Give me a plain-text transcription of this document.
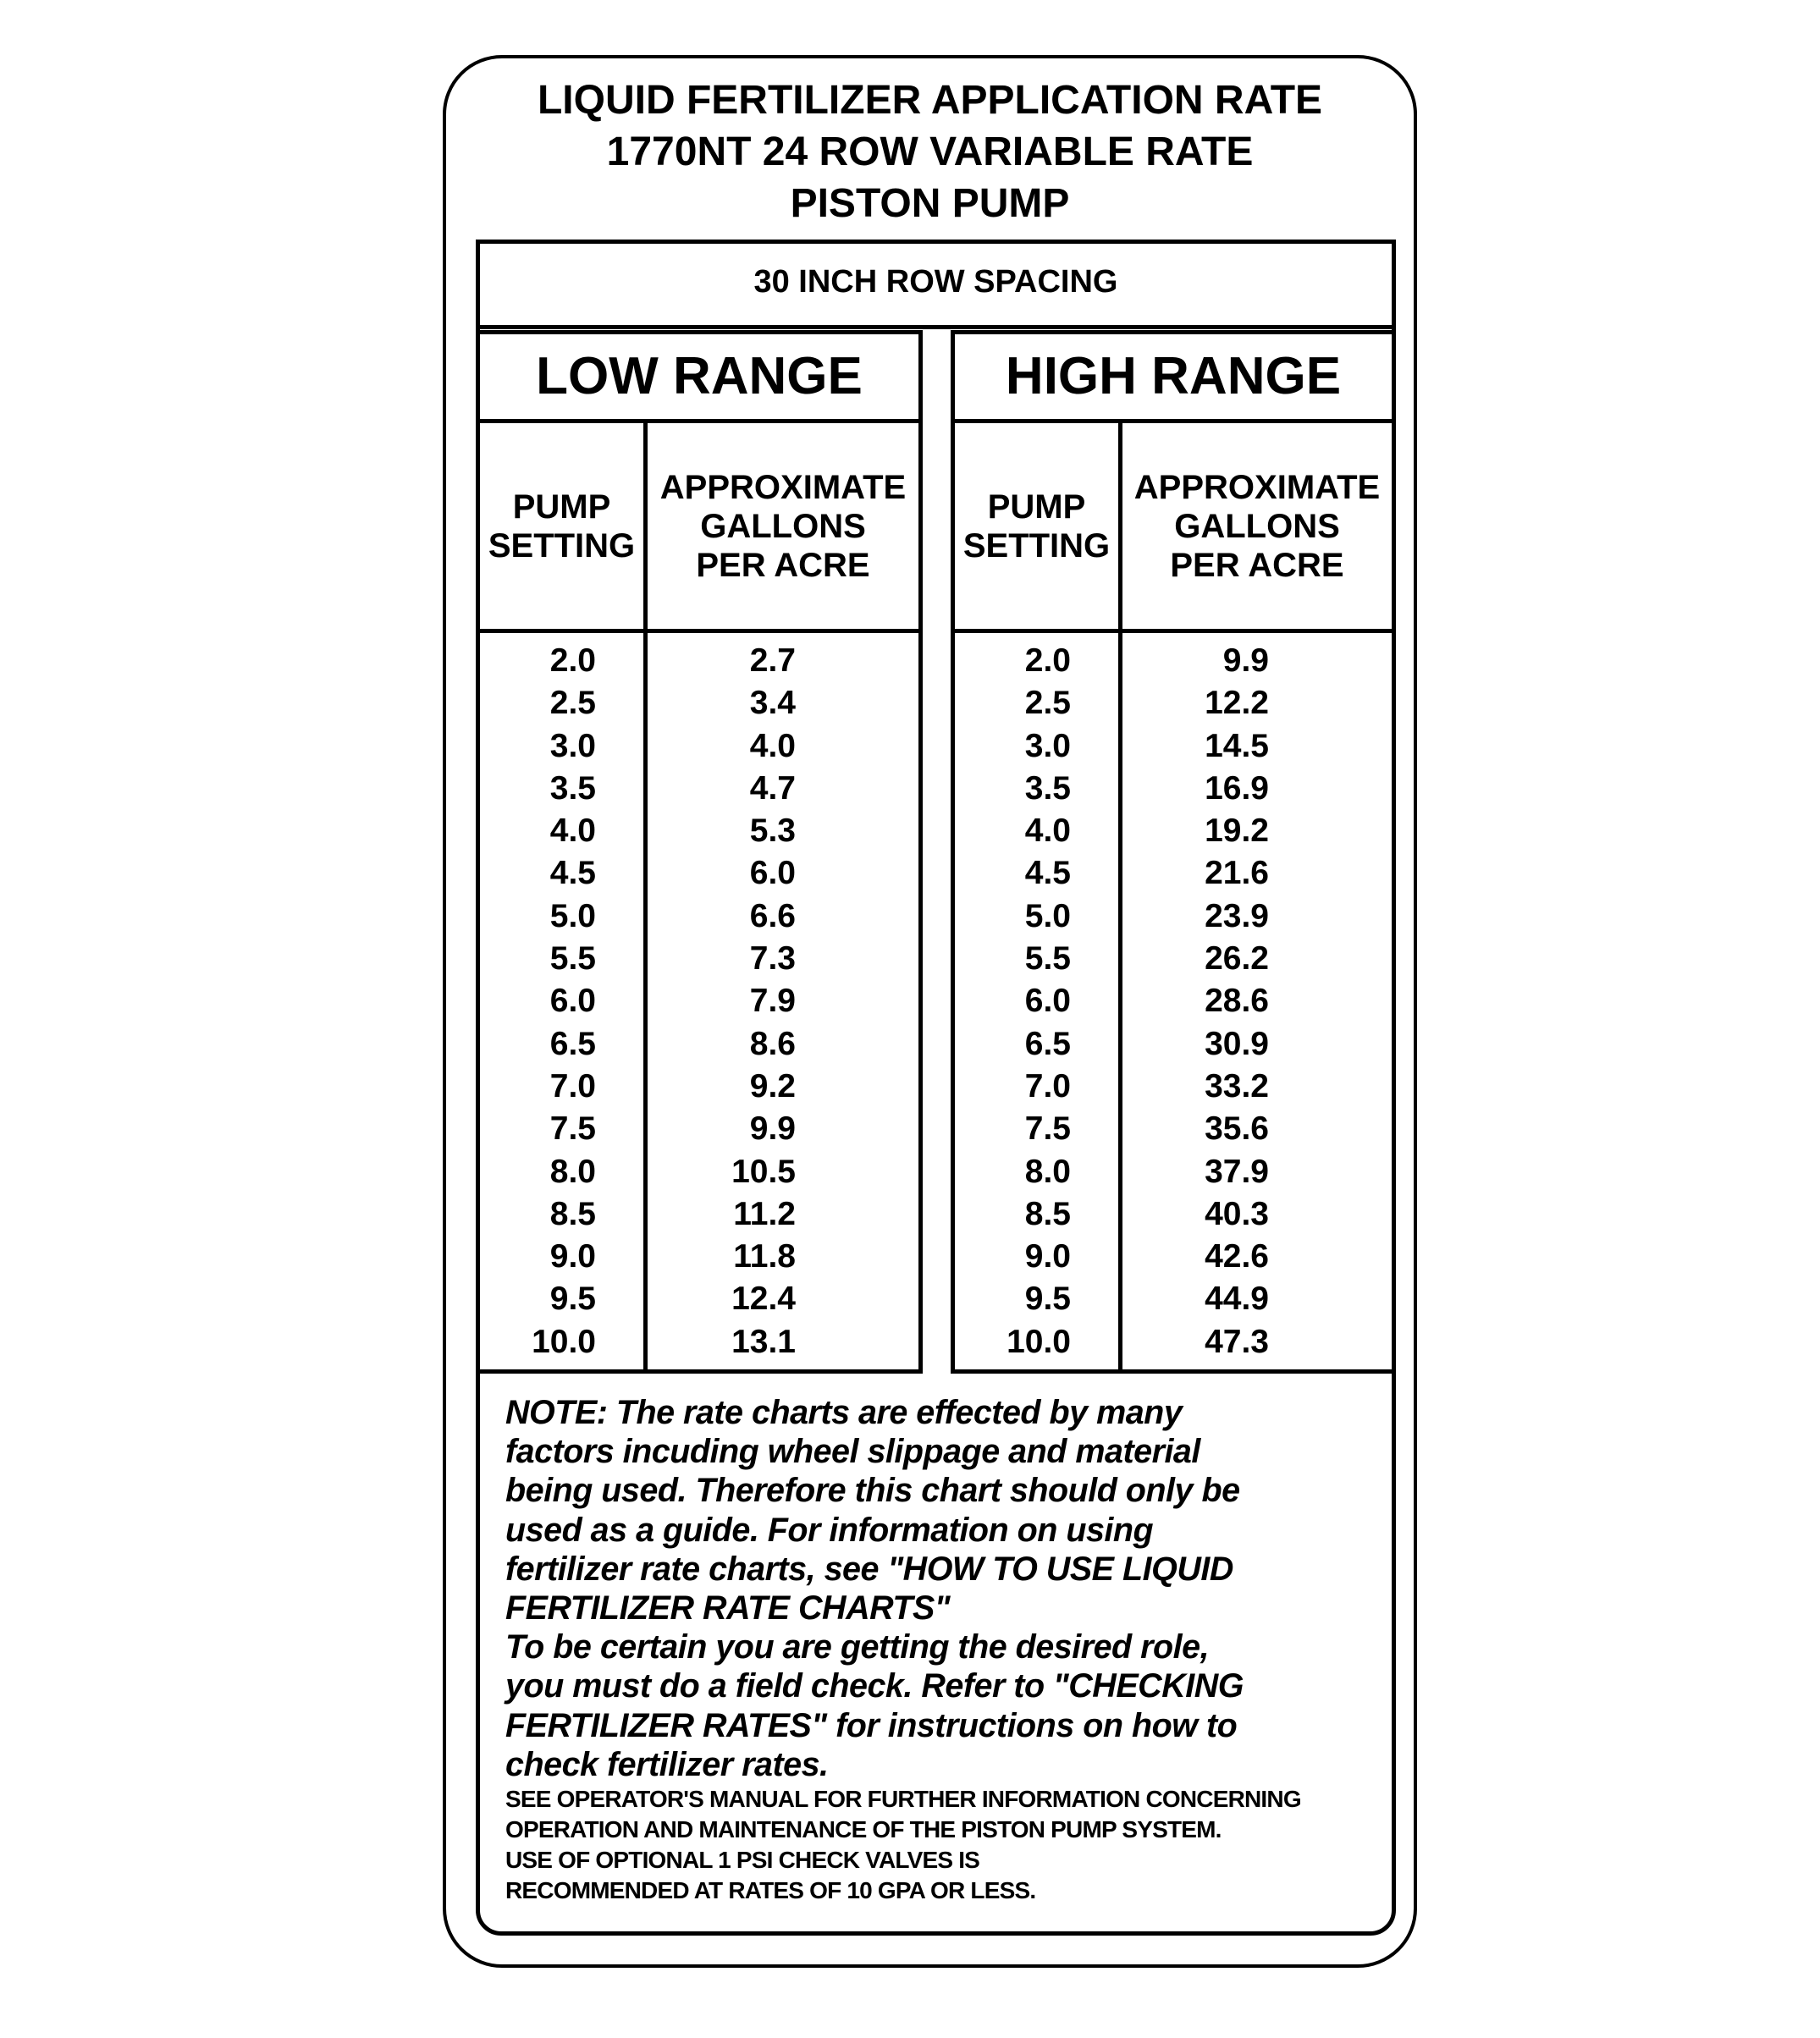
LIQUID FERTILIZER APPLICATION RATE
1770NT 24 ROW VARIABLE RATE
PISTON PUMP
30 INCH ROW SPACING
LOW RANGE
PUMP
SETTING
APPROXIMATE
GALLONS
PER ACRE
2.0	2.7
2.5	3.4
3.0	4.0
3.5	4.7
4.0	5.3
4.5	6.0
5.0	6.6
5.5	7.3
6.0	7.9
6.5	8.6
7.0	9.2
7.5	9.9
8.0	10.5
8.5	11.2
9.0	11.8
9.5	12.4
10.0	13.1
HIGH RANGE
PUMP
SETTING
APPROXIMATE
GALLONS
PER ACRE
2.0	9.9
2.5	12.2
3.0	14.5
3.5	16.9
4.0	19.2
4.5	21.6
5.0	23.9
5.5	26.2
6.0	28.6
6.5	30.9
7.0	33.2
7.5	35.6
8.0	37.9
8.5	40.3
9.0	42.6
9.5	44.9
10.0	47.3

NOTE: The rate charts are effected by many

factors incuding wheel slippage and material

being used. Therefore this chart should only be

used as a guide. For information on using

fertilizer rate charts, see "HOW TO USE LIQUID

FERTILIZER RATE CHARTS"

To be certain you are getting the desired role,

you must do a field check. Refer to "CHECKING

FERTILIZER RATES" for instructions on how to

check fertilizer rates.

SEE OPERATOR'S MANUAL FOR FURTHER INFORMATION CONCERNING

OPERATION AND MAINTENANCE OF THE PISTON PUMP SYSTEM.

USE OF OPTIONAL 1 PSI CHECK VALVES IS

RECOMMENDED AT RATES OF 10 GPA OR LESS.
